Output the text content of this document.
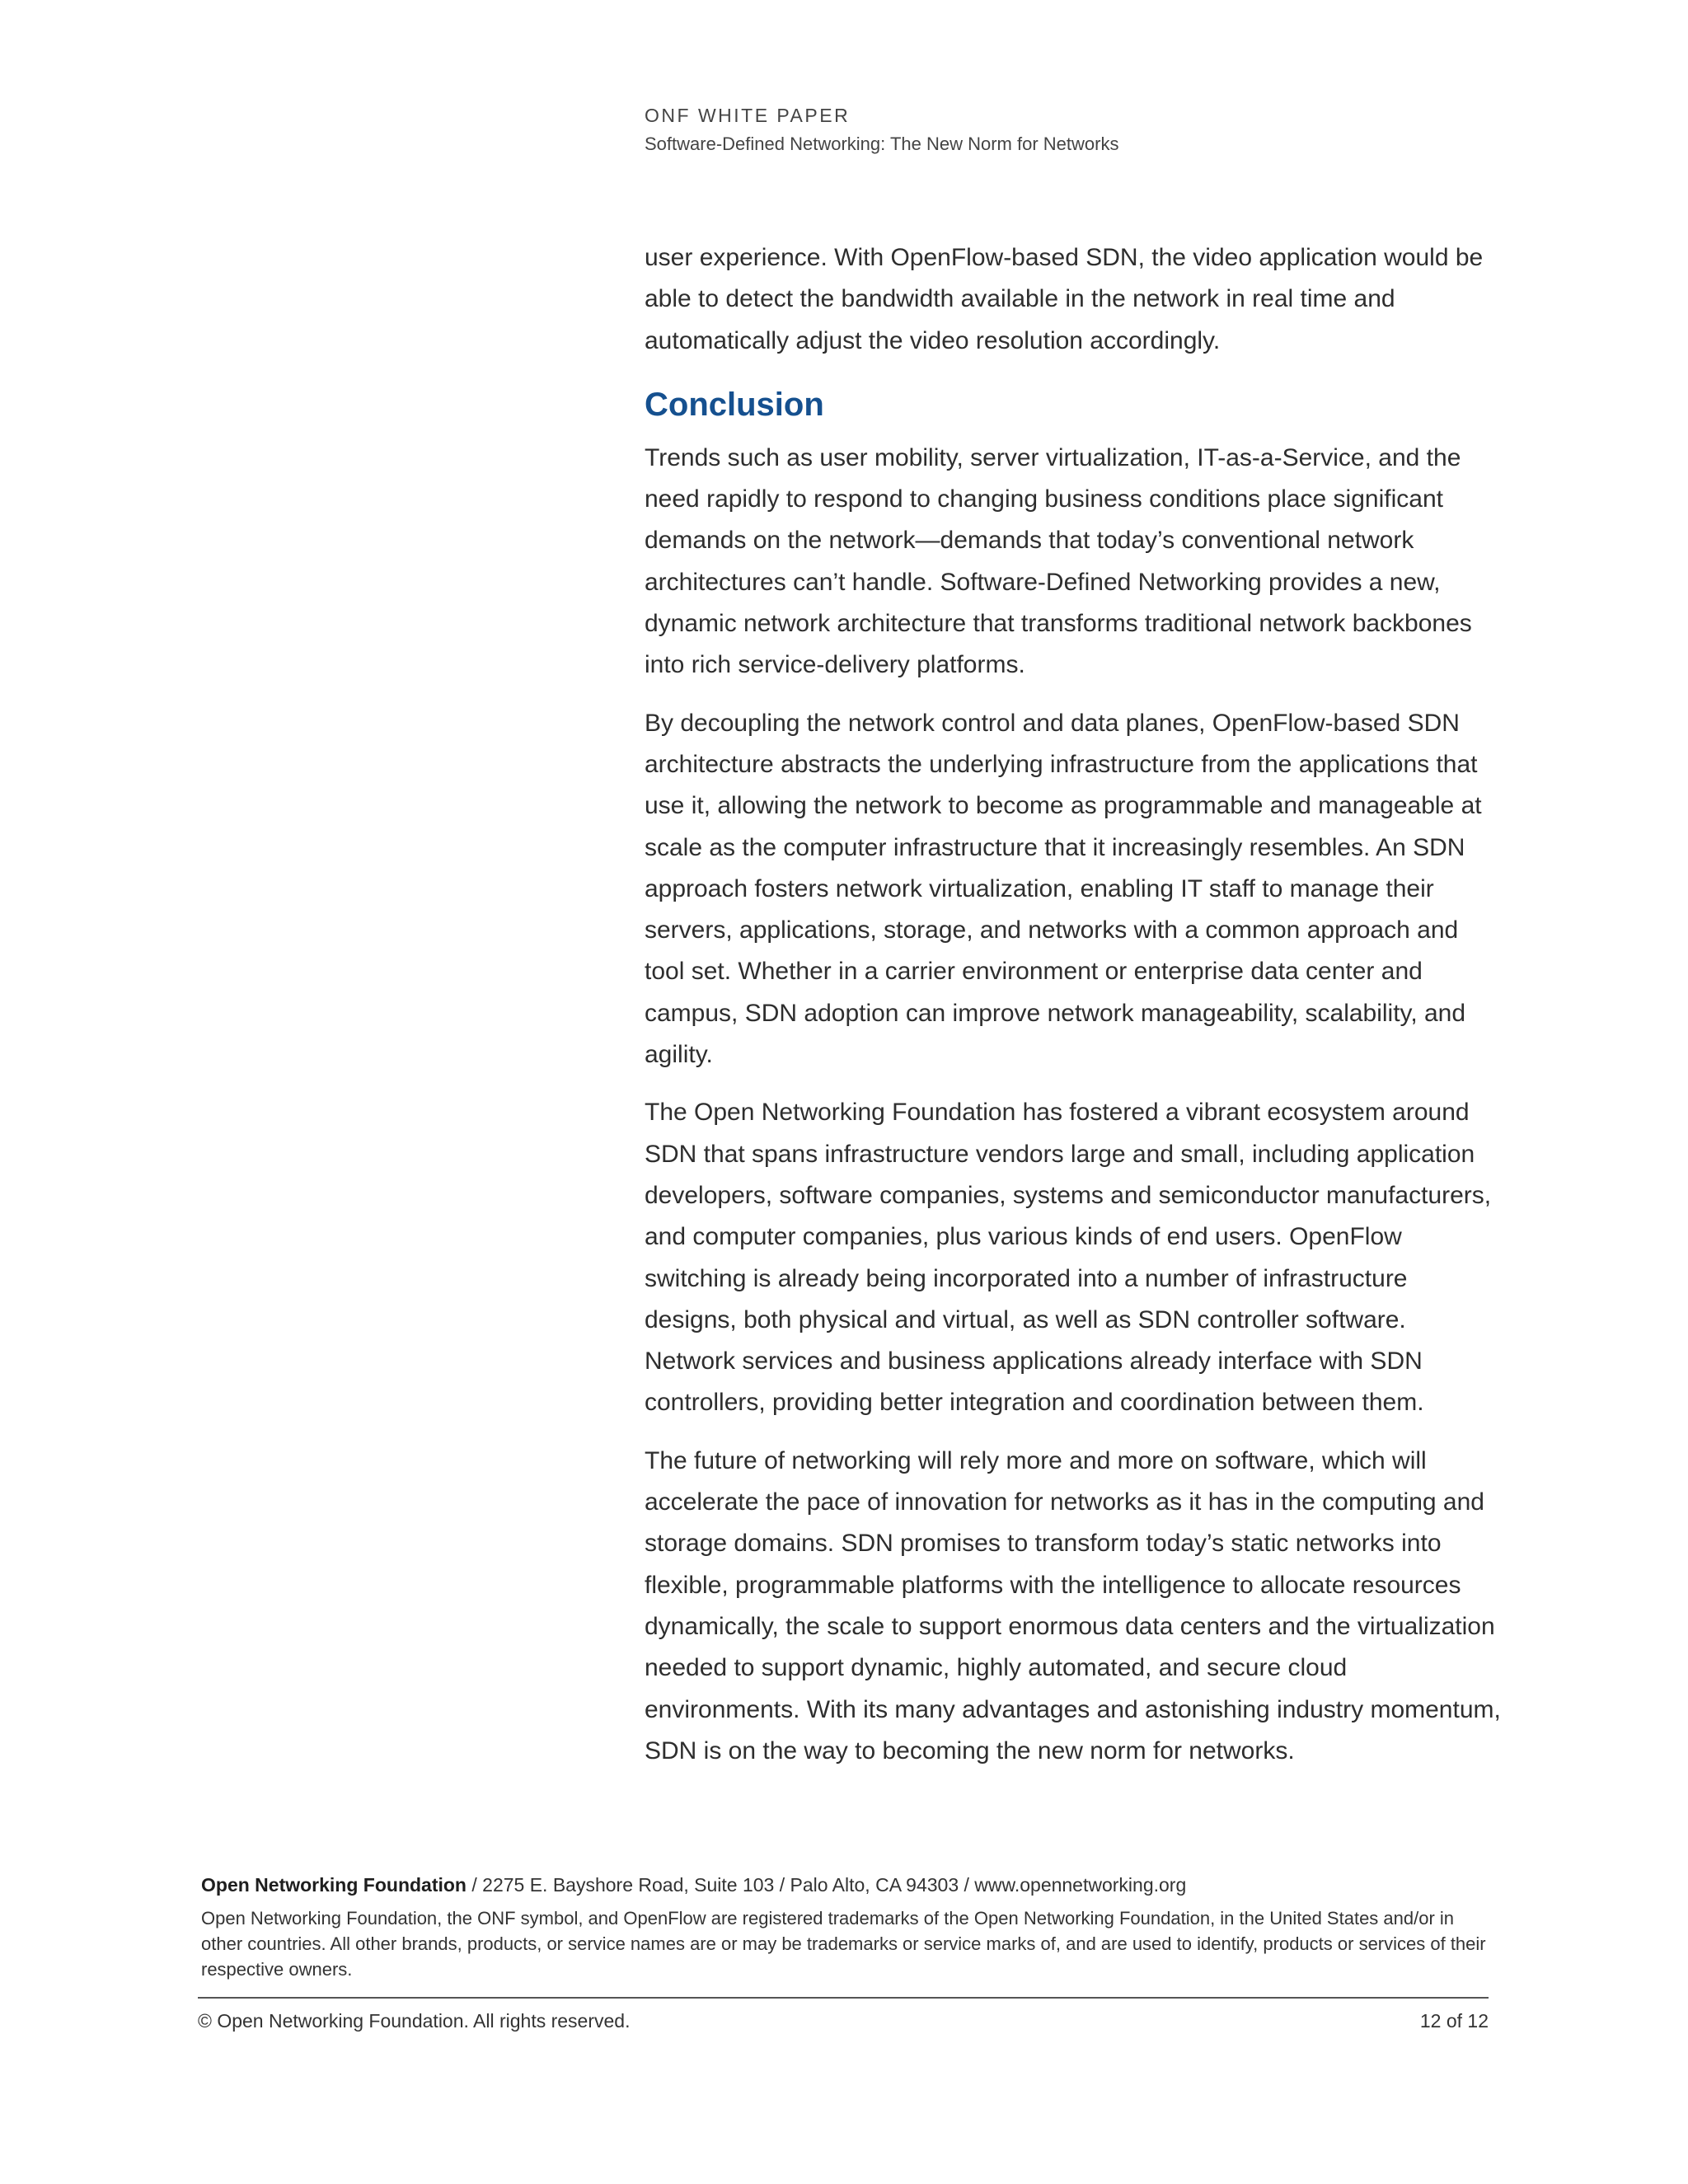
ONF WHITE PAPER
Software-Defined Networking: The New Norm for Networks

user experience. With OpenFlow-based SDN, the video application would be able to detect the bandwidth available in the network in real time and automatically adjust the video resolution accordingly.

Conclusion

Trends such as user mobility, server virtualization, IT-as-a-Service, and the need rapidly to respond to changing business conditions place significant demands on the network—demands that today’s conventional network architectures can’t handle. Software-Defined Networking provides a new, dynamic network architecture that transforms traditional network backbones into rich service-delivery platforms.

By decoupling the network control and data planes, OpenFlow-based SDN architecture abstracts the underlying infrastructure from the applications that use it, allowing the network to become as programmable and manageable at scale as the computer infrastructure that it increasingly resembles. An SDN approach fosters network virtualization, enabling IT staff to manage their servers, applications, storage, and networks with a common approach and tool set. Whether in a carrier environment or enterprise data center and campus, SDN adoption can improve network manageability, scalability, and agility.

The Open Networking Foundation has fostered a vibrant ecosystem around SDN that spans infrastructure vendors large and small, including application developers, software companies, systems and semiconductor manufacturers, and computer companies, plus various kinds of end users. OpenFlow switching is already being incorporated into a number of infrastructure designs, both physical and virtual, as well as SDN controller software. Network services and business applications already interface with SDN controllers, providing better integration and coordination between them.

The future of networking will rely more and more on software, which will accelerate the pace of innovation for networks as it has in the computing and storage domains. SDN promises to transform today’s static networks into flexible, programmable platforms with the intelligence to allocate resources dynamically, the scale to support enormous data centers and the virtualization needed to support dynamic, highly automated, and secure cloud environments. With its many advantages and astonishing industry momentum, SDN is on the way to becoming the new norm for networks.

Open Networking Foundation / 2275 E. Bayshore Road, Suite 103 / Palo Alto, CA 94303 / www.opennetworking.org
Open Networking Foundation, the ONF symbol, and OpenFlow are registered trademarks of the Open Networking Foundation, in the United States and/or in other countries. All other brands, products, or service names are or may be trademarks or service marks of, and are used to identify, products or services of their respective owners.
© Open Networking Foundation. All rights reserved.	12 of 12
